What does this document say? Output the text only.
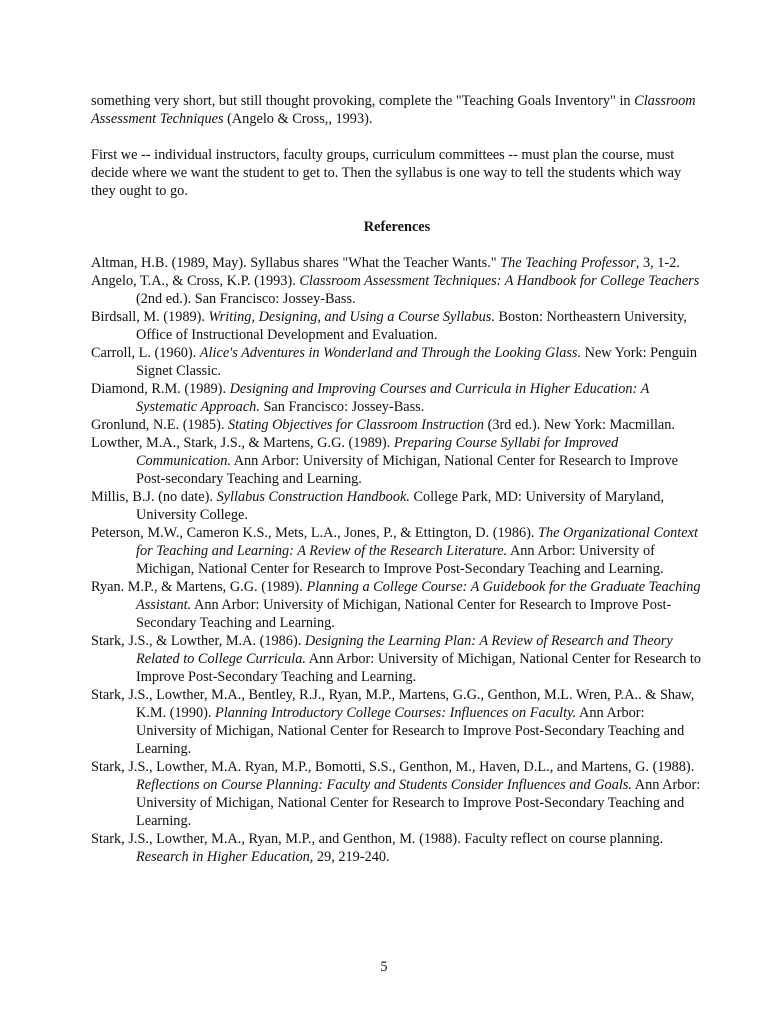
something very short, but still thought provoking, complete the "Teaching Goals Inventory" in Classroom Assessment Techniques (Angelo & Cross,, 1993).

First we -- individual instructors, faculty groups, curriculum committees -- must plan the course, must decide where we want the student to get to. Then the syllabus is one way to tell the students which way they ought to go.

References
Altman, H.B. (1989, May). Syllabus shares "What the Teacher Wants." The Teaching Professor, 3, 1-2.
Angelo, T.A., & Cross, K.P. (1993). Classroom Assessment Techniques: A Handbook for College Teachers (2nd ed.). San Francisco: Jossey-Bass.
Birdsall, M. (1989). Writing, Designing, and Using a Course Syllabus. Boston: Northeastern University, Office of Instructional Development and Evaluation.
Carroll, L. (1960). Alice's Adventures in Wonderland and Through the Looking Glass. New York: Penguin Signet Classic.
Diamond, R.M. (1989). Designing and Improving Courses and Curricula in Higher Education: A Systematic Approach. San Francisco: Jossey-Bass.
Gronlund, N.E. (1985). Stating Objectives for Classroom Instruction (3rd ed.). New York: Macmillan.
Lowther, M.A., Stark, J.S., & Martens, G.G. (1989). Preparing Course Syllabi for Improved Communication. Ann Arbor: University of Michigan, National Center for Research to Improve Post-secondary Teaching and Learning.
Millis, B.J. (no date). Syllabus Construction Handbook. College Park, MD: University of Maryland, University College.
Peterson, M.W., Cameron K.S., Mets, L.A., Jones, P., & Ettington, D. (1986). The Organizational Context for Teaching and Learning: A Review of the Research Literature. Ann Arbor: University of Michigan, National Center for Research to Improve Post-Secondary Teaching and Learning.
Ryan. M.P., & Martens, G.G. (1989). Planning a College Course: A Guidebook for the Graduate Teaching Assistant. Ann Arbor: University of Michigan, National Center for Research to Improve Post-Secondary Teaching and Learning.
Stark, J.S., & Lowther, M.A. (1986). Designing the Learning Plan: A Review of Research and Theory Related to College Curricula. Ann Arbor: University of Michigan, National Center for Research to Improve Post-Secondary Teaching and Learning.
Stark, J.S., Lowther, M.A., Bentley, R.J., Ryan, M.P., Martens, G.G., Genthon, M.L. Wren, P.A.. & Shaw, K.M. (1990). Planning Introductory College Courses: Influences on Faculty. Ann Arbor: University of Michigan, National Center for Research to Improve Post-Secondary Teaching and Learning.
Stark, J.S., Lowther, M.A. Ryan, M.P., Bomotti, S.S., Genthon, M., Haven, D.L., and Martens, G. (1988). Reflections on Course Planning: Faculty and Students Consider Influences and Goals. Ann Arbor: University of Michigan, National Center for Research to Improve Post-Secondary Teaching and Learning.
Stark, J.S., Lowther, M.A., Ryan, M.P., and Genthon, M. (1988). Faculty reflect on course planning. Research in Higher Education, 29, 219-240.
5
